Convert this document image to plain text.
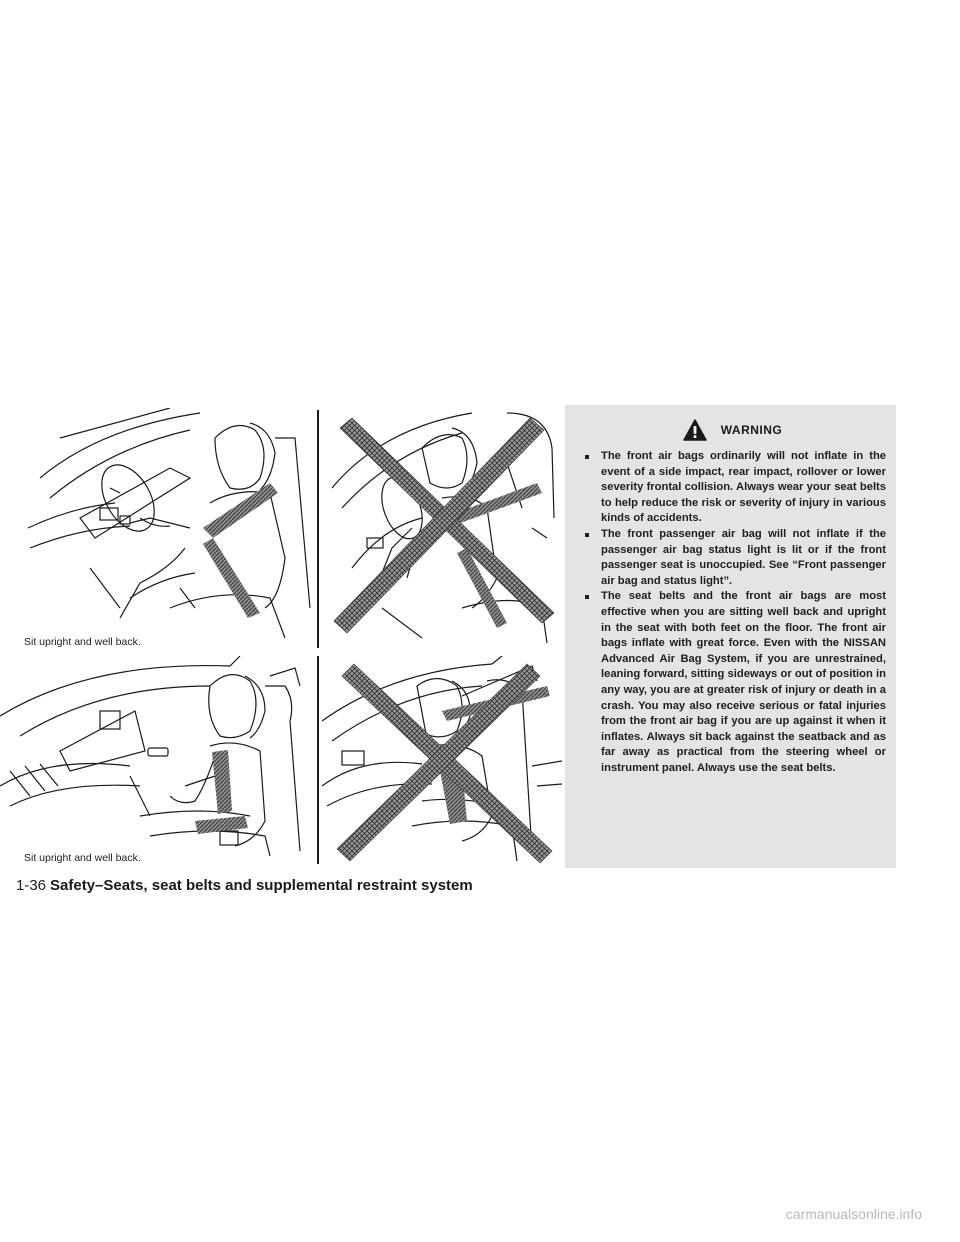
Sit upright and well back.
Sit upright and well back.
WARNING
The front air bags ordinarily will not inflate in the event of a side impact, rear impact, rollover or lower severity frontal collision. Always wear your seat belts to help reduce the risk or severity of injury in various kinds of accidents.
The front passenger air bag will not inflate if the passenger air bag status light is lit or if the front passenger seat is unoccupied. See “Front passenger air bag and status light”.
The seat belts and the front air bags are most effective when you are sitting well back and upright in the seat with both feet on the floor. The front air bags inflate with great force. Even with the NISSAN Advanced Air Bag System, if you are unrestrained, leaning forward, sitting sideways or out of position in any way, you are at greater risk of injury or death in a crash. You may also receive serious or fatal injuries from the front air bag if you are up against it when it inflates. Always sit back against the seatback and as far away as practical from the steering wheel or instrument panel. Always use the seat belts.
1-36 Safety–Seats, seat belts and supplemental restraint system
carmanualsonline.info
